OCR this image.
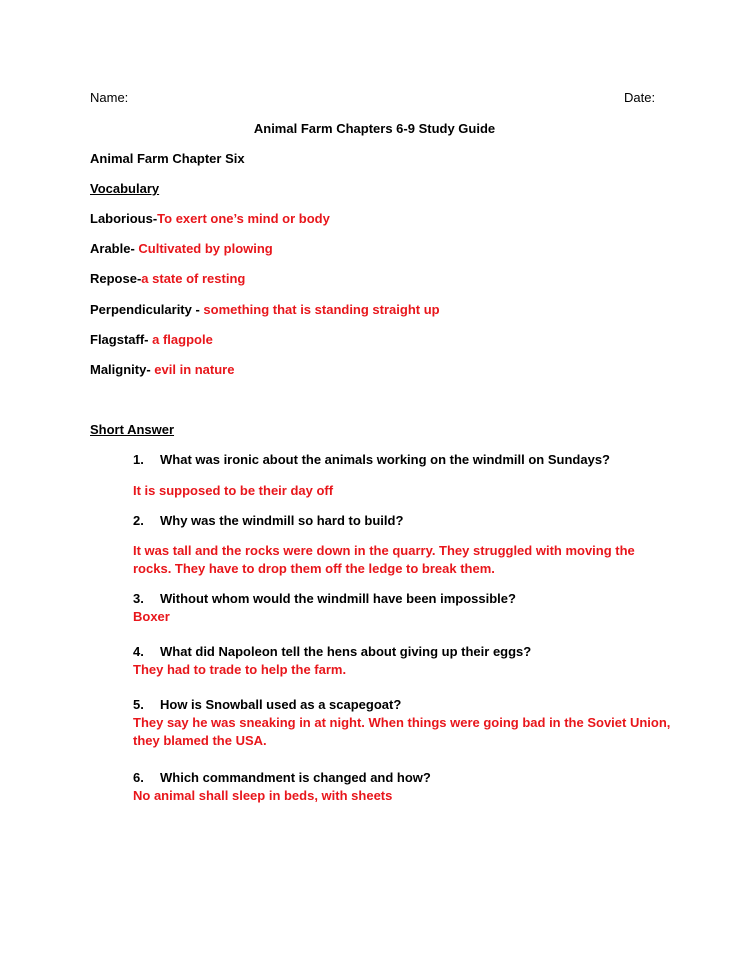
Name:	Date:
Animal Farm Chapters 6-9 Study Guide
Animal Farm Chapter Six
Vocabulary
Laborious-To exert one’s mind or body
Arable- Cultivated by plowing
Repose-a state of resting
Perpendicularity - something that is standing straight up
Flagstaff- a flagpole
Malignity- evil in nature
Short Answer
1. What was ironic about the animals working on the windmill on Sundays?
It is supposed to be their day off
2. Why was the windmill so hard to build?
It was tall and the rocks were down in the quarry. They struggled with moving the rocks. They have to drop them off the ledge to break them.
3. Without whom would the windmill have been impossible?
Boxer
4. What did Napoleon tell the hens about giving up their eggs?
They had to trade to help the farm.
5. How is Snowball used as a scapegoat?
They say he was sneaking in at night. When things were going bad in the Soviet Union, they blamed the USA.
6. Which commandment is changed and how?
No animal shall sleep in beds, with sheets
